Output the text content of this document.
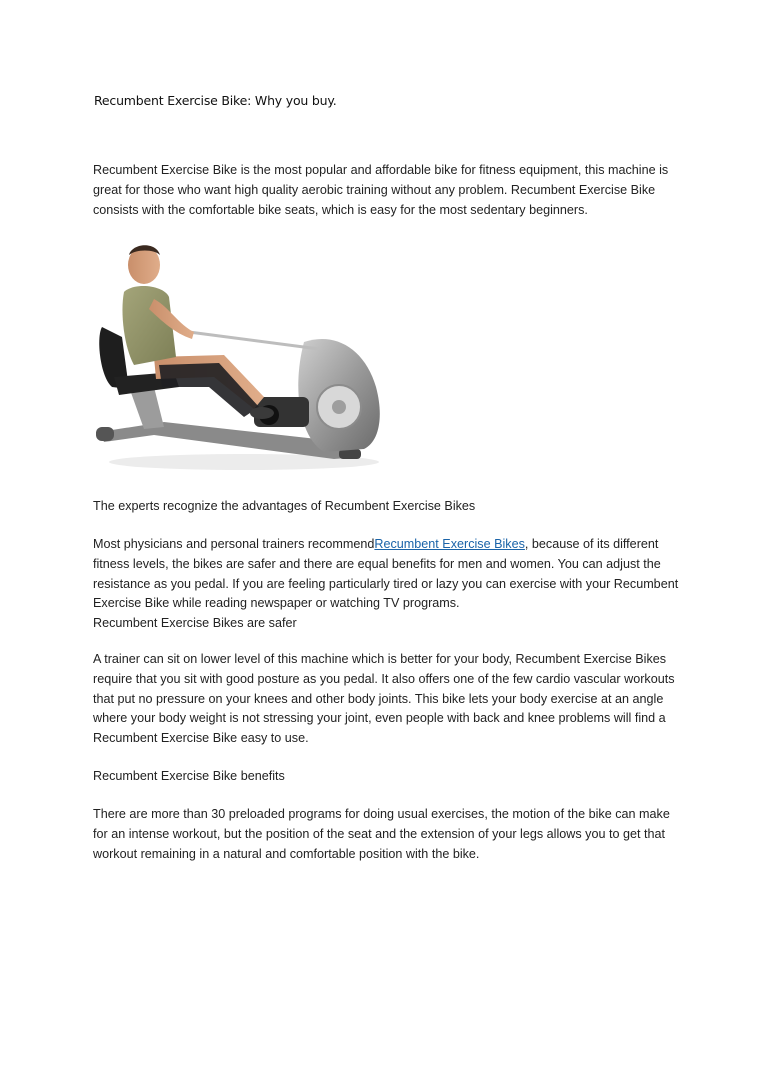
Recumbent Exercise Bike: Why you buy.

Recumbent Exercise Bike is the most popular and affordable bike for fitness equipment, this machine is great for those who want high quality aerobic training without any problem. Recumbent Exercise Bike consists with the comfortable bike seats, which is easy for the most sedentary beginners.

The experts recognize the advantages of Recumbent Exercise Bikes

Most physicians and personal trainers recommendRecumbent Exercise Bikes, because of its different fitness levels, the bikes are safer and there are equal benefits for men and women. You can adjust the resistance as you pedal. If you are feeling particularly tired or lazy you can exercise with your Recumbent Exercise Bike while reading newspaper or watching TV programs.
Recumbent Exercise Bikes are safer

A trainer can sit on lower level of this machine which is better for your body, Recumbent Exercise Bikes require that you sit with good posture as you pedal. It also offers one of the few cardio vascular workouts that put no pressure on your knees and other body joints. This bike lets your body exercise at an angle where your body weight is not stressing your joint, even people with back and knee problems will find a Recumbent Exercise Bike easy to use.

Recumbent Exercise Bike benefits

There are more than 30 preloaded programs for doing usual exercises, the motion of the bike can make for an intense workout, but the position of the seat and the extension of your legs allows you to get that workout remaining in a natural and comfortable position with the bike.
